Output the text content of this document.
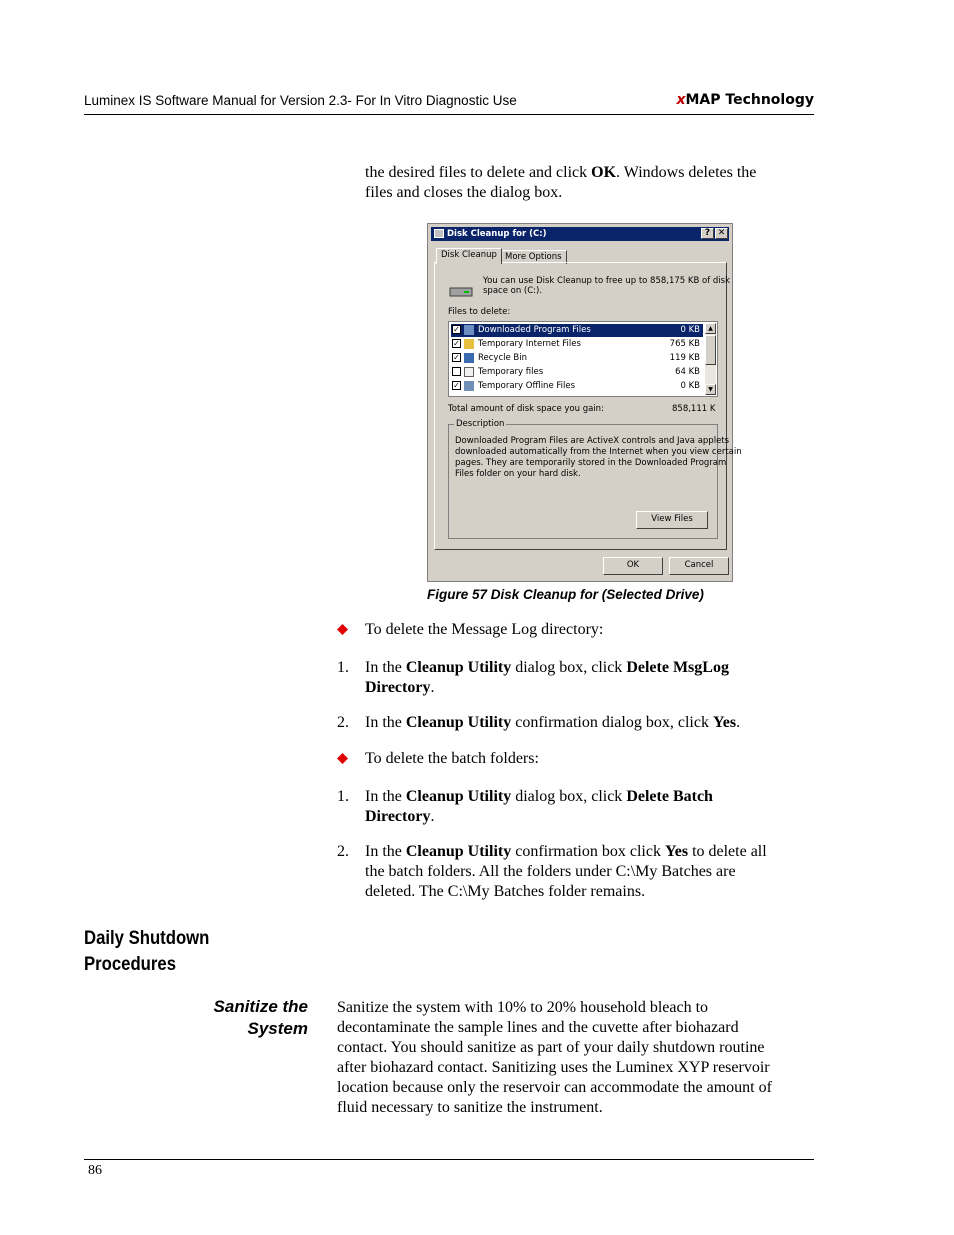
Luminex IS Software Manual for Version 2.3- For In Vitro Diagnostic Use	xMAP Technology
the desired files to delete and click OK. Windows deletes the
files and closes the dialog box.
Disk Cleanup for (C:)	? ✕
Disk Cleanup More Options
You can use Disk Cleanup to free up to 858,175 KB of disk
space on (C:).
Files to delete:
✓ Downloaded Program Files	0 KB
✓ Temporary Internet Files	765 KB
✓ Recycle Bin	119 KB
Temporary files	64 KB
✓ Temporary Offline Files	0 KB
▲
▼
Total amount of disk space you gain:	858,111 K
Description
Downloaded Program Files are ActiveX controls and Java applets
downloaded automatically from the Internet when you view certain
pages. They are temporarily stored in the Downloaded Program
Files folder on your hard disk.
View Files
OK	Cancel
Figure 57 Disk Cleanup for (Selected Drive)
To delete the Message Log directory:
1. In the Cleanup Utility dialog box, click Delete MsgLog
Directory.
2. In the Cleanup Utility confirmation dialog box, click Yes.
To delete the batch folders:
1. In the Cleanup Utility dialog box, click Delete Batch
Directory.
2. In the Cleanup Utility confirmation box click Yes to delete all
the batch folders. All the folders under C:\My Batches are
deleted. The C:\My Batches folder remains.
Daily Shutdown
Procedures
Sanitize the
System
Sanitize the system with 10% to 20% household bleach to
decontaminate the sample lines and the cuvette after biohazard
contact. You should sanitize as part of your daily shutdown routine
after biohazard contact. Sanitizing uses the Luminex XYP reservoir
location because only the reservoir can accommodate the amount of
fluid necessary to sanitize the instrument.
86
